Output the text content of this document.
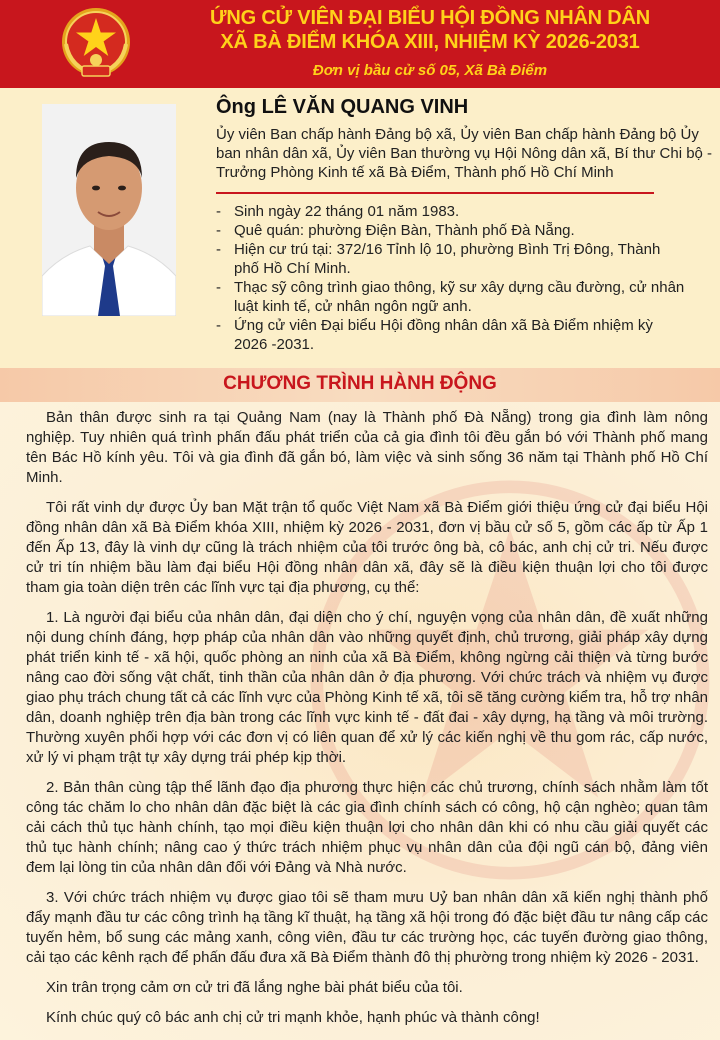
ỨNG CỬ VIÊN ĐẠI BIỂU HỘI ĐỒNG NHÂN DÂN
XÃ BÀ ĐIỂM KHÓA XIII, NHIỆM KỲ 2026-2031
Đơn vị bầu cử số 05, Xã Bà Điểm
Ông LÊ VĂN QUANG VINH
Ủy viên Ban chấp hành Đảng bộ xã, Ủy viên Ban chấp hành Đảng bộ Ủy ban nhân dân xã, Ủy viên Ban thường vụ Hội Nông dân xã, Bí thư Chi bộ - Trưởng Phòng Kinh tế xã Bà Điểm, Thành phố Hồ Chí Minh
- Sinh ngày 22 tháng 01 năm 1983.
- Quê quán: phường Điện Bàn, Thành phố Đà Nẵng.
- Hiện cư trú tại: 372/16 Tỉnh lộ 10, phường Bình Trị Đông, Thành phố Hồ Chí Minh.
- Thạc sỹ công trình giao thông, kỹ sư xây dựng cầu đường, cử nhân luật kinh tế, cử nhân ngôn ngữ anh.
- Ứng cử viên Đại biểu Hội đồng nhân dân xã Bà Điểm nhiệm kỳ 2026 -2031.
CHƯƠNG TRÌNH HÀNH ĐỘNG

Bản thân được sinh ra tại Quảng Nam (nay là Thành phố Đà Nẵng) trong gia đình làm nông nghiệp. Tuy nhiên quá trình phấn đấu phát triển của cả gia đình tôi đều gắn bó với Thành phố mang tên Bác Hồ kính yêu. Tôi và gia đình đã gắn bó, làm việc và sinh sống 36 năm tại Thành phố Hồ Chí Minh.

Tôi rất vinh dự được Ủy ban Mặt trận tổ quốc Việt Nam xã Bà Điểm giới thiệu ứng cử đại biểu Hội đồng nhân dân xã Bà Điểm khóa XIII, nhiệm kỳ 2026 - 2031, đơn vị bầu cử số 5, gồm các ấp từ Ấp 1 đến Ấp 13, đây là vinh dự cũng là trách nhiệm của tôi trước ông bà, cô bác, anh chị cử tri. Nếu được cử tri tín nhiệm bầu làm đại biểu Hội đồng nhân dân xã, đây sẽ là điều kiện thuận lợi cho tôi được tham gia toàn diện trên các lĩnh vực tại địa phương, cụ thể:

1. Là người đại biểu của nhân dân, đại diện cho ý chí, nguyện vọng của nhân dân, đề xuất những nội dung chính đáng, hợp pháp của nhân dân vào những quyết định, chủ trương, giải pháp xây dựng phát triển kinh tế - xã hội, quốc phòng an ninh của xã Bà Điểm, không ngừng cải thiện và từng bước nâng cao đời sống vật chất, tinh thần của nhân dân ở địa phương. Với chức trách và nhiệm vụ được giao phụ trách chung tất cả các lĩnh vực của Phòng Kinh tế xã, tôi sẽ tăng cường kiểm tra, hỗ trợ nhân dân, doanh nghiệp trên địa bàn trong các lĩnh vực kinh tế - đất đai - xây dựng, hạ tầng và môi trường. Thường xuyên phối hợp với các đơn vị có liên quan để xử lý các kiến nghị về thu gom rác, cấp nước, xử lý vi phạm trật tự xây dựng trái phép kịp thời.

2. Bản thân cùng tập thể lãnh đạo địa phương thực hiện các chủ trương, chính sách nhằm làm tốt công tác chăm lo cho nhân dân đặc biệt là các gia đình chính sách có công, hộ cận nghèo; quan tâm cải cách thủ tục hành chính, tạo mọi điều kiện thuận lợi cho nhân dân khi có nhu cầu giải quyết các thủ tục hành chính; nâng cao ý thức trách nhiệm phục vụ nhân dân của đội ngũ cán bộ, đảng viên đem lại lòng tin của nhân dân đối với Đảng và Nhà nước.

3. Với chức trách nhiệm vụ được giao tôi sẽ tham mưu Uỷ ban nhân dân xã kiến nghị thành phố đẩy mạnh đầu tư các công trình hạ tầng kĩ thuật, hạ tầng xã hội trong đó đặc biệt đầu tư nâng cấp các tuyến hẻm, bổ sung các mảng xanh, công viên, đầu tư các trường học, các tuyến đường giao thông, cải tạo các kênh rạch để phấn đấu đưa xã Bà Điểm thành đô thị phường trong nhiệm kỳ 2026 - 2031.

Xin trân trọng cảm ơn cử tri đã lắng nghe bài phát biểu của tôi.

Kính chúc quý cô bác anh chị cử tri mạnh khỏe, hạnh phúc và thành công!
